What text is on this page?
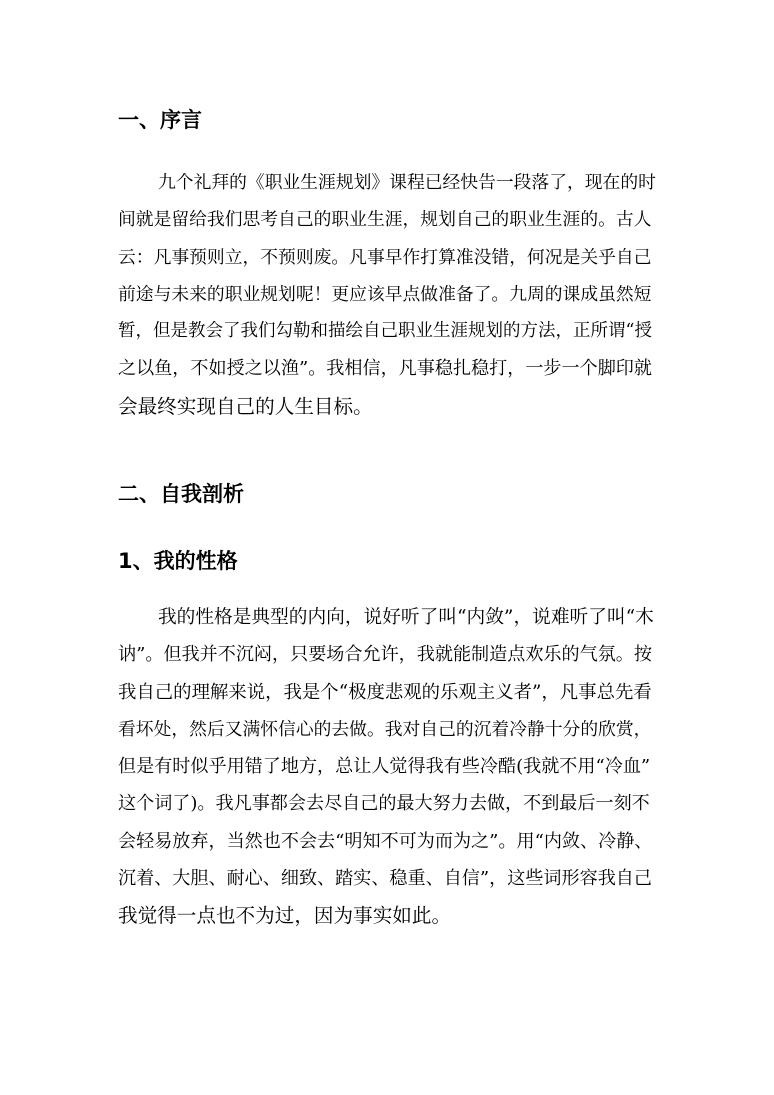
一、序言
九个礼拜的《职业生涯规划》课程已经快告一段落了，现在的时
间就是留给我们思考自己的职业生涯，规划自己的职业生涯的。古人
云：凡事预则立，不预则废。凡事早作打算准没错，何况是关乎自己
前途与未来的职业规划呢！更应该早点做准备了。九周的课成虽然短
暂，但是教会了我们勾勒和描绘自己职业生涯规划的方法，正所谓“授
之以鱼，不如授之以渔”。我相信，凡事稳扎稳打，一步一个脚印就
会最终实现自己的人生目标。
二、自我剖析
1、我的性格
我的性格是典型的内向，说好听了叫“内敛”，说难听了叫“木
讷”。但我并不沉闷，只要场合允许，我就能制造点欢乐的气氛。按
我自己的理解来说，我是个“极度悲观的乐观主义者”，凡事总先看
看坏处，然后又满怀信心的去做。我对自己的沉着冷静十分的欣赏，
但是有时似乎用错了地方，总让人觉得我有些冷酷(我就不用“冷血”
这个词了)。我凡事都会去尽自己的最大努力去做，不到最后一刻不
会轻易放弃，当然也不会去“明知不可为而为之”。用“内敛、冷静、
沉着、大胆、耐心、细致、踏实、稳重、自信”，这些词形容我自己
我觉得一点也不为过，因为事实如此。
